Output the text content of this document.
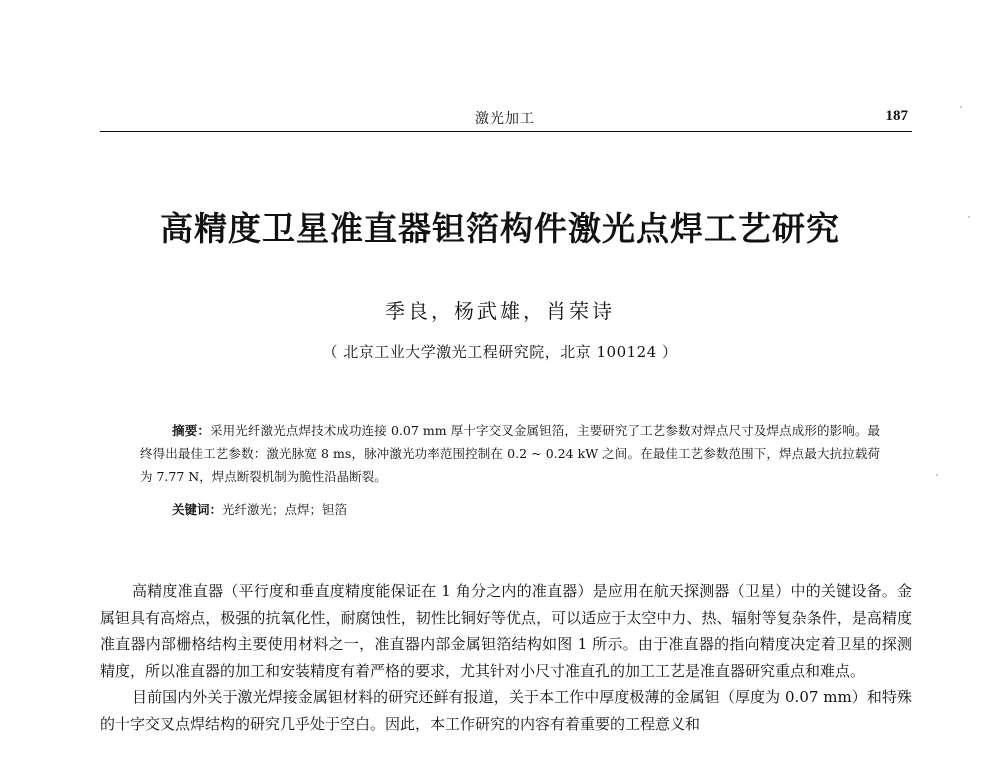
激光加工	187
高精度卫星准直器钽箔构件激光点焊工艺研究
季良，杨武雄，肖荣诗
（ 北京工业大学激光工程研究院，北京 100124 ）
摘要：采用光纤激光点焊技术成功连接 0.07 mm 厚十字交叉金属钽箔，主要研究了工艺参数对焊点尺寸及焊点成形的影响。最终得出最佳工艺参数：激光脉宽 8 ms，脉冲激光功率范围控制在 0.2 ~ 0.24 kW 之间。在最佳工艺参数范围下，焊点最大抗拉载荷为 7.77 N，焊点断裂机制为脆性沿晶断裂。
关键词：光纤激光；点焊；钽箔

高精度准直器（平行度和垂直度精度能保证在 1 角分之内的准直器）是应用在航天探测器（卫星）中的关键设备。金属钽具有高熔点，极强的抗氧化性，耐腐蚀性，韧性比铜好等优点，可以适应于太空中力、热、辐射等复杂条件，是高精度准直器内部栅格结构主要使用材料之一，准直器内部金属钽箔结构如图 1 所示。由于准直器的指向精度决定着卫星的探测精度，所以准直器的加工和安装精度有着严格的要求，尤其针对小尺寸准直孔的加工工艺是准直器研究重点和难点。

目前国内外关于激光焊接金属钽材料的研究还鲜有报道，关于本工作中厚度极薄的金属钽（厚度为 0.07 mm）和特殊的十字交叉点焊结构的研究几乎处于空白。因此，本工作研究的内容有着重要的工程意义和
